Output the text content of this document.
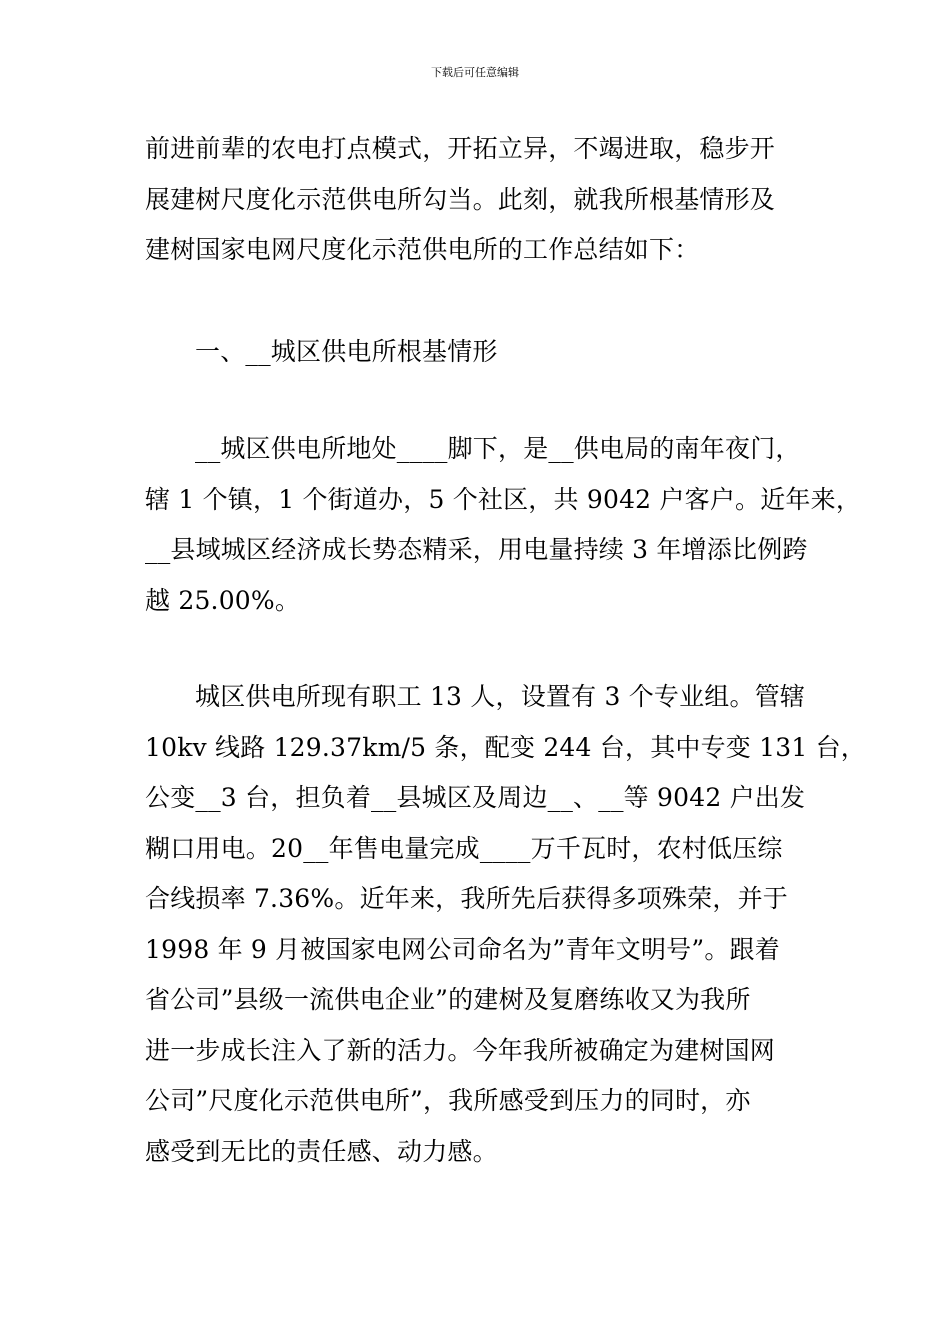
下载后可任意编辑
前进前辈的农电打点模式，开拓立异，不竭进取，稳步开
展建树尺度化示范供电所勾当。此刻，就我所根基情形及
建树国家电网尺度化示范供电所的工作总结如下：
一、__城区供电所根基情形
__城区供电所地处____脚下，是__供电局的南年夜门，
辖 1 个镇，1 个街道办，5 个社区，共 9042 户客户。近年来，
__县域城区经济成长势态精采，用电量持续 3 年增添比例跨
越 25.00%。
城区供电所现有职工 13 人，设置有 3 个专业组。管辖
10kv 线路 129.37km/5 条，配变 244 台，其中专变 131 台，
公变__3 台，担负着__县城区及周边__、__等 9042 户出发
糊口用电。20__年售电量完成____万千瓦时，农村低压综
合线损率 7.36%。近年来，我所先后获得多项殊荣，并于
1998 年 9 月被国家电网公司命名为”青年文明号”。跟着
省公司”县级一流供电企业”的建树及复磨练收又为我所
进一步成长注入了新的活力。今年我所被确定为建树国网
公司”尺度化示范供电所”，我所感受到压力的同时，亦
感受到无比的责任感、动力感。
